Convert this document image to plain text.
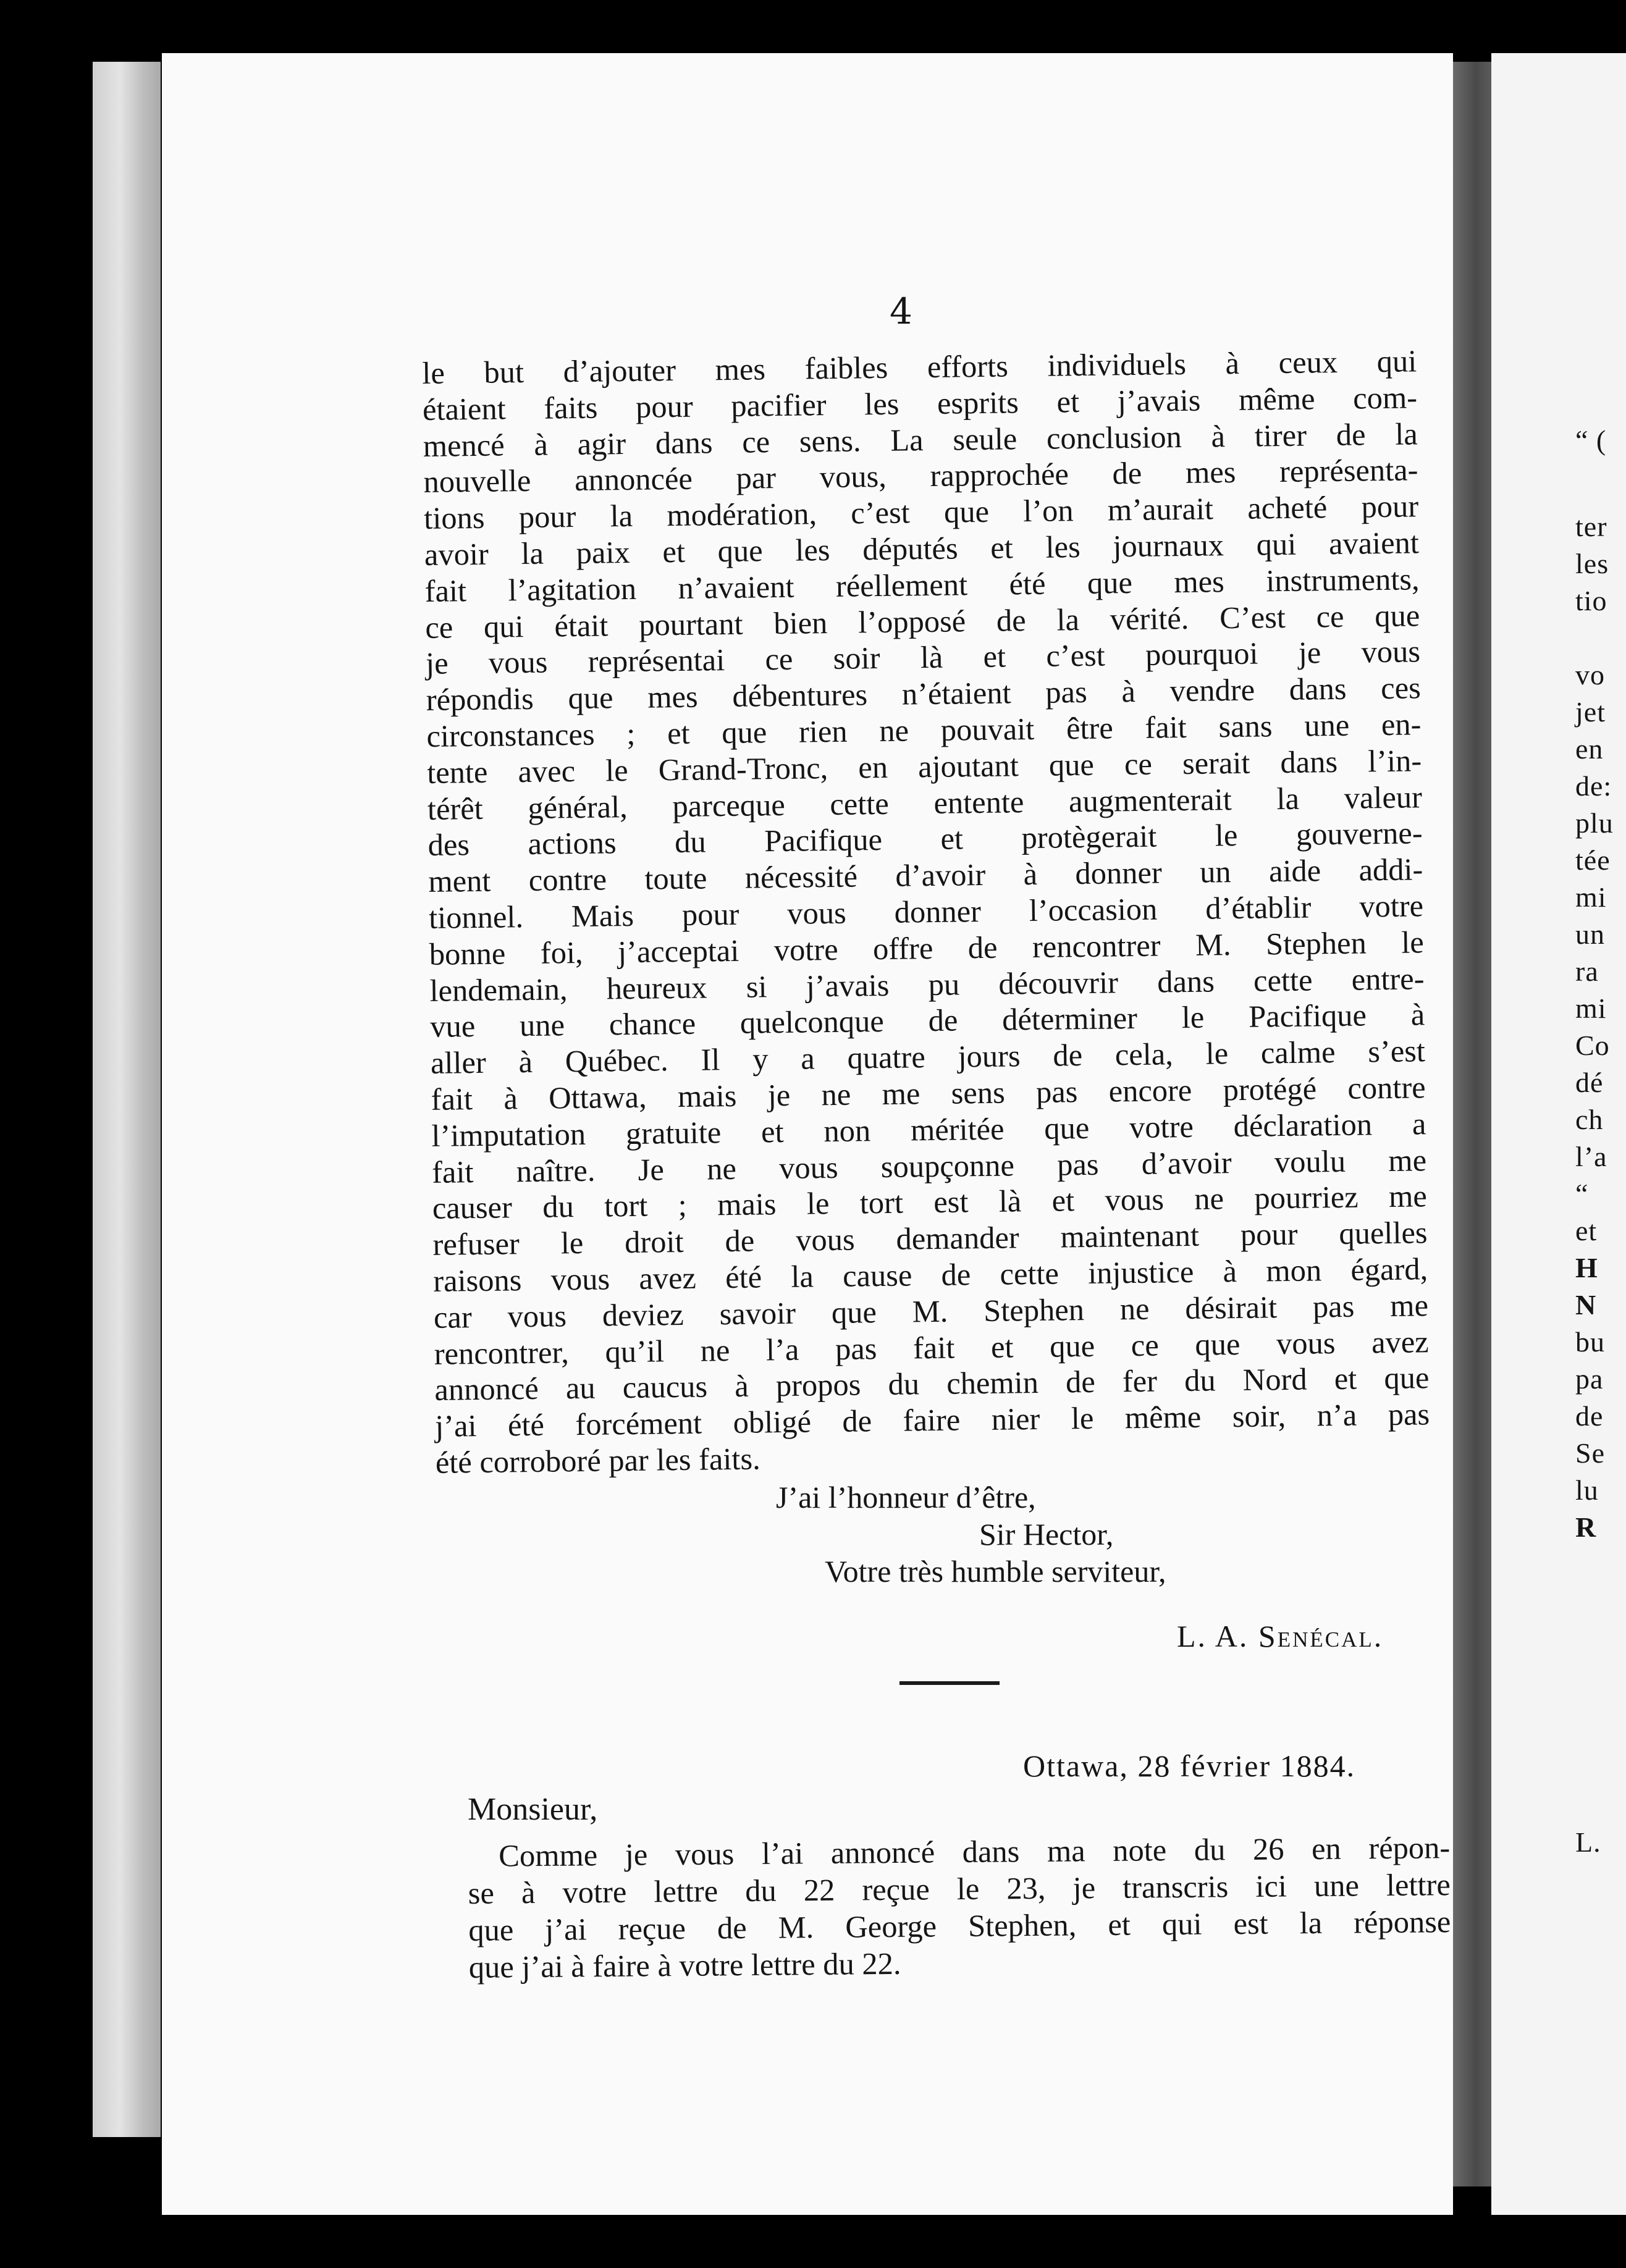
“ (
ter
les
tio
vo
jet
en
de:
plu
tée
mi
un
ra
mi
Co
dé
ch
l’a
“
et
H
N
bu
pa
de
Se
lu
R
L.
4
le but d’ajouter mes faibles efforts individuels à ceux qui
étaient faits pour pacifier les esprits et j’avais même com-
mencé à agir dans ce sens. La seule conclusion à tirer de la
nouvelle annoncée par vous, rapprochée de mes représenta-
tions pour la modération, c’est que l’on m’aurait acheté pour
avoir la paix et que les députés et les journaux qui avaient
fait l’agitation n’avaient réellement été que mes instruments,
ce qui était pourtant bien l’opposé de la vérité. C’est ce que
je vous représentai ce soir là et c’est pourquoi je vous
répondis que mes débentures n’étaient pas à vendre dans ces
circonstances ; et que rien ne pouvait être fait sans une en-
tente avec le Grand-Tronc, en ajoutant que ce serait dans l’in-
térêt général, parceque cette entente augmenterait la valeur
des actions du Pacifique et protègerait le gouverne-
ment contre toute nécessité d’avoir à donner un aide addi-
tionnel. Mais pour vous donner l’occasion d’établir votre
bonne foi, j’acceptai votre offre de rencontrer M. Stephen le
lendemain, heureux si j’avais pu découvrir dans cette entre-
vue une chance quelconque de déterminer le Pacifique à
aller à Québec. Il y a quatre jours de cela, le calme s’est
fait à Ottawa, mais je ne me sens pas encore protégé contre
l’imputation gratuite et non méritée que votre déclaration a
fait naître. Je ne vous soupçonne pas d’avoir voulu me
causer du tort ; mais le tort est là et vous ne pourriez me
refuser le droit de vous demander maintenant pour quelles
raisons vous avez été la cause de cette injustice à mon égard,
car vous deviez savoir que M. Stephen ne désirait pas me
rencontrer, qu’il ne l’a pas fait et que ce que vous avez
annoncé au caucus à propos du chemin de fer du Nord et que
j’ai été forcément obligé de faire nier le même soir, n’a pas
été corroboré par les faits.
J’ai l’honneur d’être,
Sir Hector,
Votre très humble serviteur,
L. A. Senécal.
Ottawa, 28 février 1884.
Monsieur,
Comme je vous l’ai annoncé dans ma note du 26 en répon-
se à votre lettre du 22 reçue le 23, je transcris ici une lettre
que j’ai reçue de M. George Stephen, et qui est la réponse
que j’ai à faire à votre lettre du 22.
